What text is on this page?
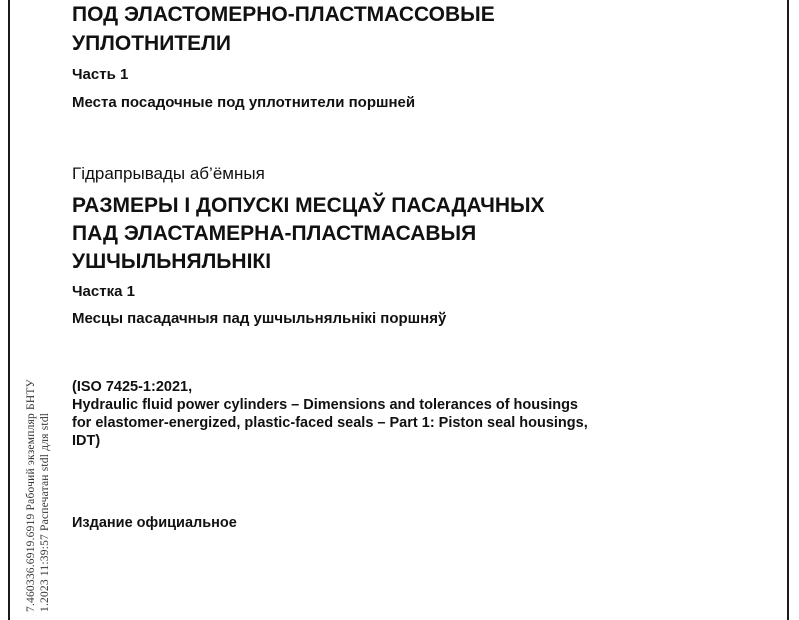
7.460336.6919.6919 Рабочий экземпляр БНТУ 1.2023 11:39:57 Распечатан stdl для stdl
ПОД ЭЛАСТОМЕРНО-ПЛАСТМАССОВЫЕ
УПЛОТНИТЕЛИ
Часть 1
Места посадочные под уплотнители поршней
Гідрапрывады аб’ёмныя
РАЗМЕРЫ І ДОПУСКІ МЕСЦАЎ ПАСАДАЧНЫХ
ПАД ЭЛАСТАМЕРНА-ПЛАСТМАСАВЫЯ
УШЧЫЛЬНЯЛЬНІКІ
Частка 1
Месцы пасадачныя пад ушчыльняльнікі поршняў
(ISO 7425-1:2021,
Hydraulic fluid power cylinders – Dimensions and tolerances of housings
for elastomer-energized, plastic-faced seals – Part 1: Piston seal housings,
IDT)
Издание официальное
